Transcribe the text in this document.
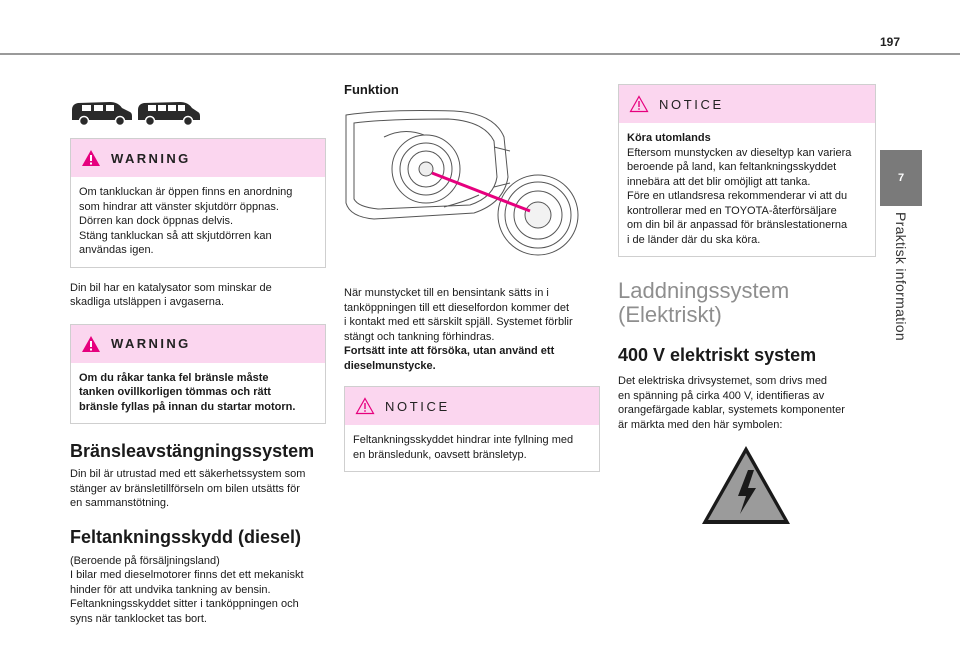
197
7
Praktisk information
WARNING
Om tankluckan är öppen finns en anordning
som hindrar att vänster skjutdörr öppnas.
Dörren kan dock öppnas delvis.
Stäng tankluckan så att skjutdörren kan
användas igen.

Din bil har en katalysator som minskar de
skadliga utsläppen i avgaserna.

WARNING
Om du råkar tanka fel bränsle måste
tanken ovillkorligen tömmas och rätt
bränsle fyllas på innan du startar motorn.
Bränsleavstängningssystem

Din bil är utrustad med ett säkerhetssystem som
stänger av bränsletillförseln om bilen utsätts för
en sammanstötning.

Feltankningsskydd (diesel)

(Beroende på försäljningsland)
I bilar med dieselmotorer finns det ett mekaniskt
hinder för att undvika tankning av bensin.
Feltankningsskyddet sitter i tanköppningen och
syns när tanklocket tas bort.

Funktion

När munstycket till en bensintank sätts in i
tanköppningen till ett dieselfordon kommer det
i kontakt med ett särskilt spjäll. Systemet förblir
stängt och tankning förhindras.
Fortsätt inte att försöka, utan använd ett
dieselmunstycke.

NOTICE
Feltankningsskyddet hindrar inte fyllning med
en bränsledunk, oavsett bränsletyp.
NOTICE
Köra utomlands
Eftersom munstycken av dieseltyp kan variera
beroende på land, kan feltankningsskyddet
innebära att det blir omöjligt att tanka.
Före en utlandsresa rekommenderar vi att du
kontrollerar med en TOYOTA-återförsäljare
om din bil är anpassad för bränslestationerna
i de länder där du ska köra.
Laddningssystem
(Elektriskt)
400 V elektriskt system

Det elektriska drivsystemet, som drivs med
en spänning på cirka 400 V, identifieras av
orangefärgade kablar, systemets komponenter
är märkta med den här symbolen:
